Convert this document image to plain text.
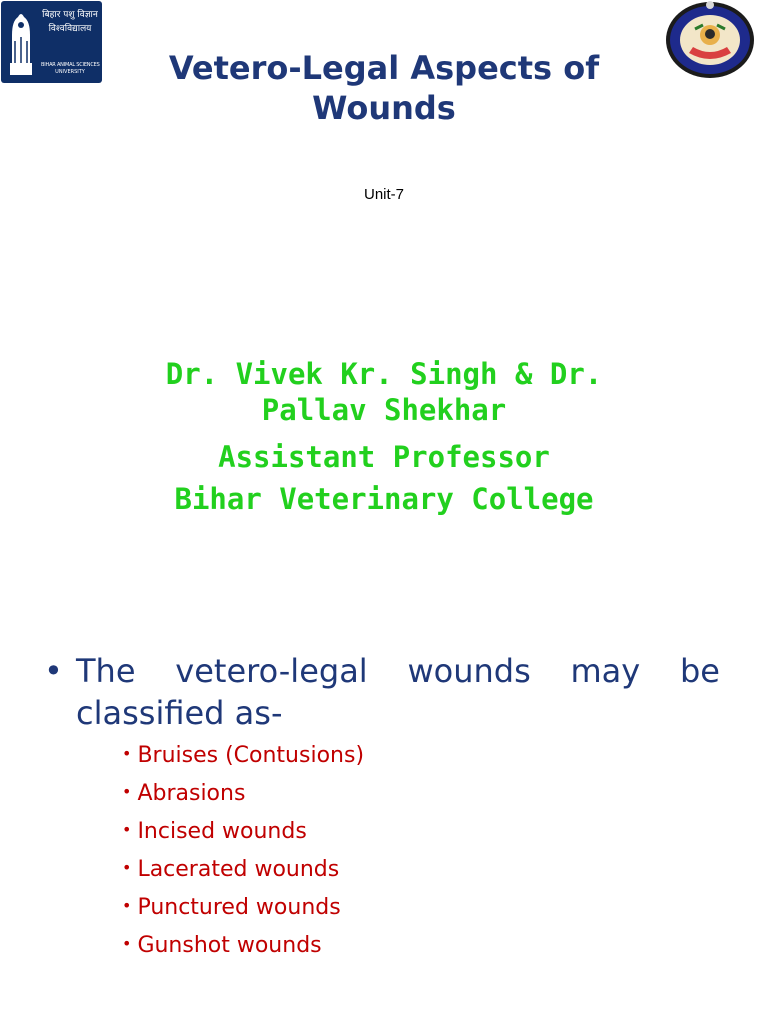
बिहार पशु विज्ञान
विश्वविद्यालय
BIHAR ANIMAL SCIENCES
UNIVERSITY	Vetero-Legal Aspects of Wounds
Unit-7
Dr. Vivek Kr. Singh & Dr.
Pallav Shekhar
Assistant Professor
Bihar Veterinary College
• The vetero-legal wounds may be
classified as-
• Bruises (Contusions)
• Abrasions
• Incised wounds
• Lacerated wounds
• Punctured wounds
• Gunshot wounds
